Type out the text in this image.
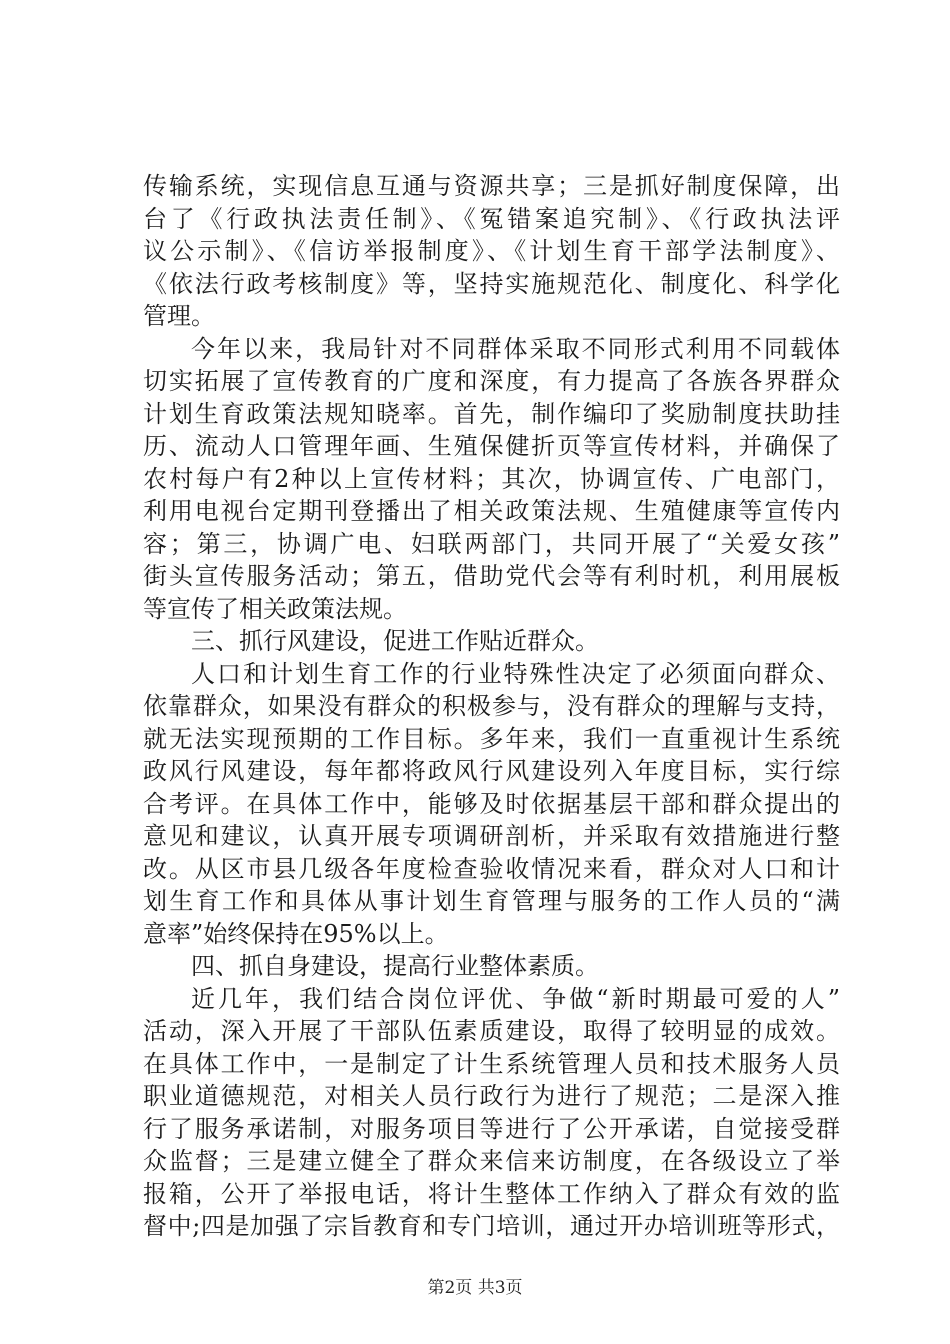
传输系统，实现信息互通与资源共享；三是抓好制度保障，出
台了《行政执法责任制》、《冤错案追究制》、《行政执法评
议公示制》、《信访举报制度》、《计划生育干部学法制度》、
《依法行政考核制度》等，坚持实施规范化、制度化、科学化
管理。
今年以来，我局针对不同群体采取不同形式利用不同载体
切实拓展了宣传教育的广度和深度，有力提高了各族各界群众
计划生育政策法规知晓率。首先，制作编印了奖励制度扶助挂
历、流动人口管理年画、生殖保健折页等宣传材料，并确保了
农村每户有2种以上宣传材料；其次，协调宣传、广电部门，
利用电视台定期刊登播出了相关政策法规、生殖健康等宣传内
容；第三，协调广电、妇联两部门，共同开展了“关爱女孩”
街头宣传服务活动；第五，借助党代会等有利时机，利用展板
等宣传了相关政策法规。
三、抓行风建设，促进工作贴近群众。
人口和计划生育工作的行业特殊性决定了必须面向群众、
依靠群众，如果没有群众的积极参与，没有群众的理解与支持，
就无法实现预期的工作目标。多年来，我们一直重视计生系统
政风行风建设，每年都将政风行风建设列入年度目标，实行综
合考评。在具体工作中，能够及时依据基层干部和群众提出的
意见和建议，认真开展专项调研剖析，并采取有效措施进行整
改。从区市县几级各年度检查验收情况来看，群众对人口和计
划生育工作和具体从事计划生育管理与服务的工作人员的“满
意率”始终保持在95%以上。
四、抓自身建设，提高行业整体素质。
近几年，我们结合岗位评优、争做“新时期最可爱的人”
活动，深入开展了干部队伍素质建设，取得了较明显的成效。
在具体工作中，一是制定了计生系统管理人员和技术服务人员
职业道德规范，对相关人员行政行为进行了规范；二是深入推
行了服务承诺制，对服务项目等进行了公开承诺，自觉接受群
众监督；三是建立健全了群众来信来访制度，在各级设立了举
报箱，公开了举报电话，将计生整体工作纳入了群众有效的监
督中;四是加强了宗旨教育和专门培训，通过开办培训班等形式，
第2页 共3页
